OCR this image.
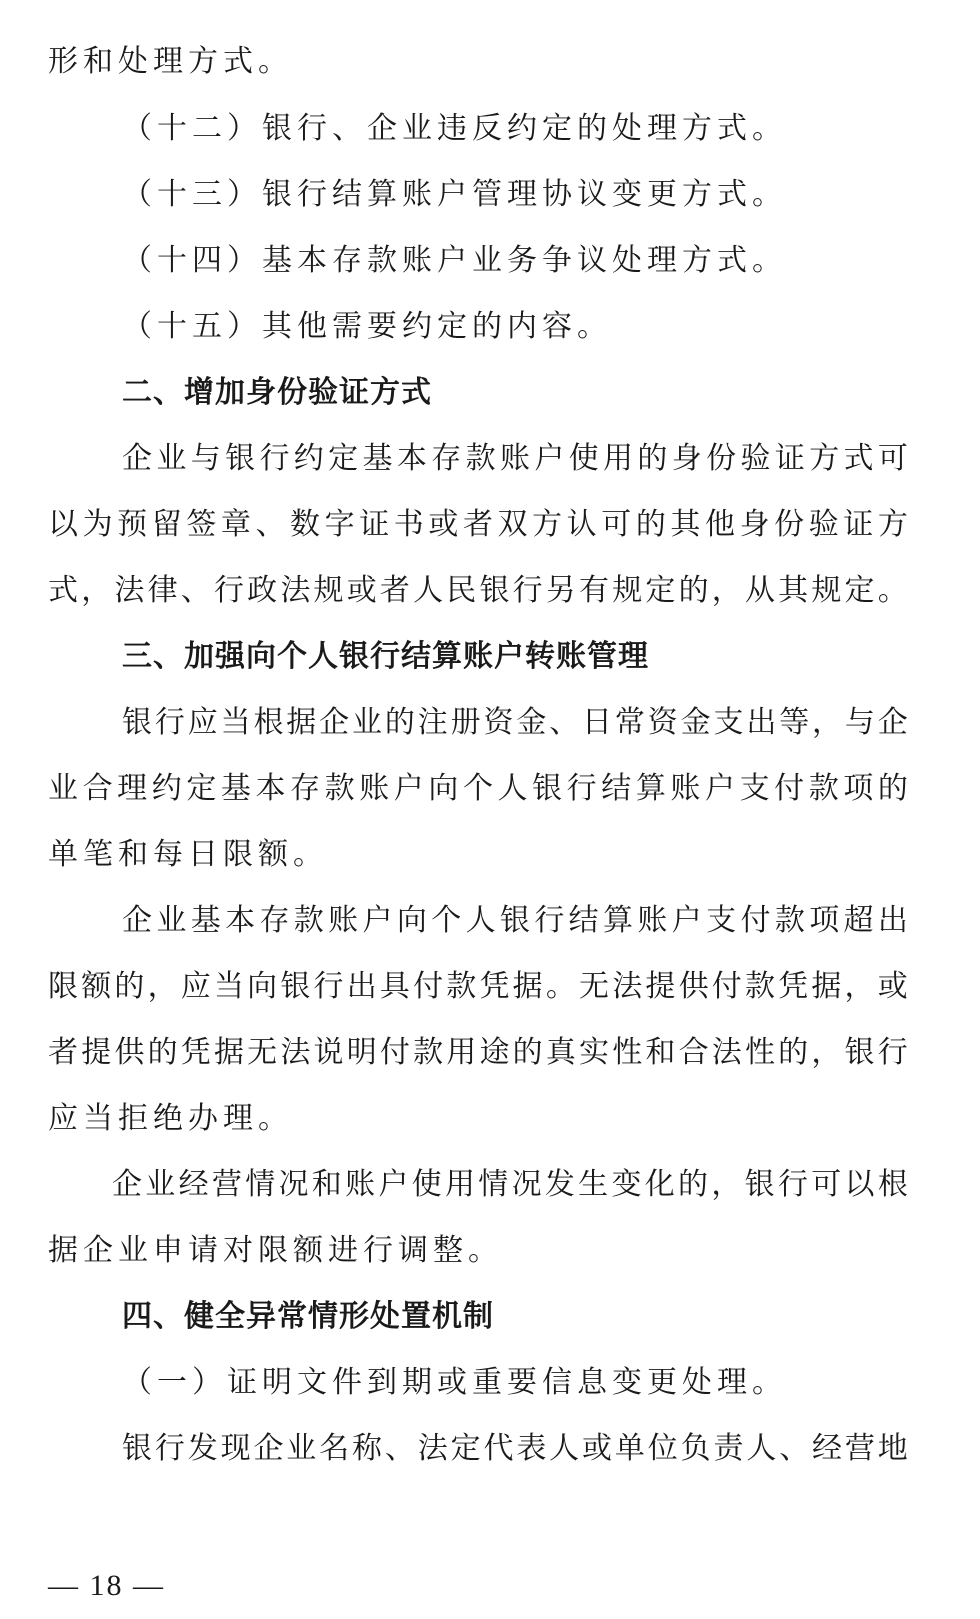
形和处理方式。
（十二）银行、企业违反约定的处理方式。
（十三）银行结算账户管理协议变更方式。
（十四）基本存款账户业务争议处理方式。
（十五）其他需要约定的内容。
二、增加身份验证方式
企 业 与 银 行 约 定 基 本 存 款 账 户 使 用 的 身 份 验 证 方 式 可
以 为 预 留 签 章 、 数 字 证 书 或 者 双 方 认 可 的 其 他 身 份 验 证 方
式 ， 法 律 、 行 政 法 规 或 者 人 民 银 行 另 有 规 定 的 ， 从 其 规 定 。
三、加强向个人银行结算账户转账管理
银 行 应 当 根 据 企 业 的 注 册 资 金 、 日 常 资 金 支 出 等 ， 与 企
业 合 理 约 定 基 本 存 款 账 户 向 个 人 银 行 结 算 账 户 支 付 款 项 的
单笔和每日限额。
企 业 基 本 存 款 账 户 向 个 人 银 行 结 算 账 户 支 付 款 项 超 出
限 额 的 ， 应 当 向 银 行 出 具 付 款 凭 据 。 无 法 提 供 付 款 凭 据 ， 或
者 提 供 的 凭 据 无 法 说 明 付 款 用 途 的 真 实 性 和 合 法 性 的 ， 银 行
应当拒绝办理。
企 业 经 营 情 况 和 账 户 使 用 情 况 发 生 变 化 的 ， 银 行 可 以 根
据企业申请对限额进行调整。
四、健全异常情形处置机制
（一）证明文件到期或重要信息变更处理。
银 行 发 现 企 业 名 称 、 法 定 代 表 人 或 单 位 负 责 人 、 经 营 地
— 18 —
